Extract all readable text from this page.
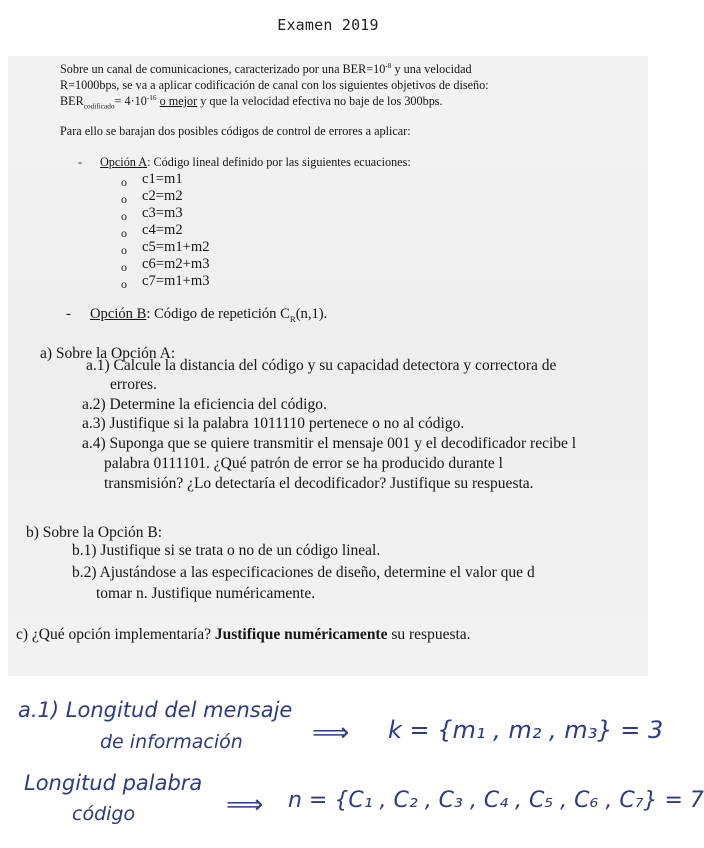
Examen 2019
Sobre un canal de comunicaciones, caracterizado por una $BER=10^{-8}$ y una velocidad
R=1000bps, se va a aplicar codificación de canal con los siguientes objetivos de diseño:
$BER_{codificado}= 4\cdot 10^{-16}$ o mejor y que la velocidad efectiva no baje de los 300bps.
Para ello se barajan dos posibles códigos de control de errores a aplicar:
- Opción A: Código lineal definido por las siguientes ecuaciones:
o c1=m1
o c2=m2
o c3=m3
o c4=m2
o c5=m1+m2
o c6=m2+m3
o c7=m1+m3
- Opción B: Código de repetición $C_R(n,1)$.
a) Sobre la Opción A:
a.1) Calcule la distancia del código y su capacidad detectora y correctora de
errores.
a.2) Determine la eficiencia del código.
a.3) Justifique si la palabra 1011110 pertenece o no al código.
a.4) Suponga que se quiere transmitir el mensaje 001 y el decodificador recibe l
palabra 0111101. ¿Qué patrón de error se ha producido durante l
transmisión? ¿Lo detectaría el decodificador? Justifique su respuesta.
b) Sobre la Opción B:
b.1) Justifique si se trata o no de un código lineal.
b.2) Ajustándose a las especificaciones de diseño, determine el valor que d
tomar n. Justifique numéricamente.
c) ¿Qué opción implementaría? Justifique numéricamente su respuesta.
a.1) Longitud del mensaje
de información	⟹ k = {m₁ , m₂ , m₃} = 3
Longitud palabra
código	⟹ n = {C₁ , C₂ , C₃ , C₄ , C₅ , C₆ , C₇} = 7
